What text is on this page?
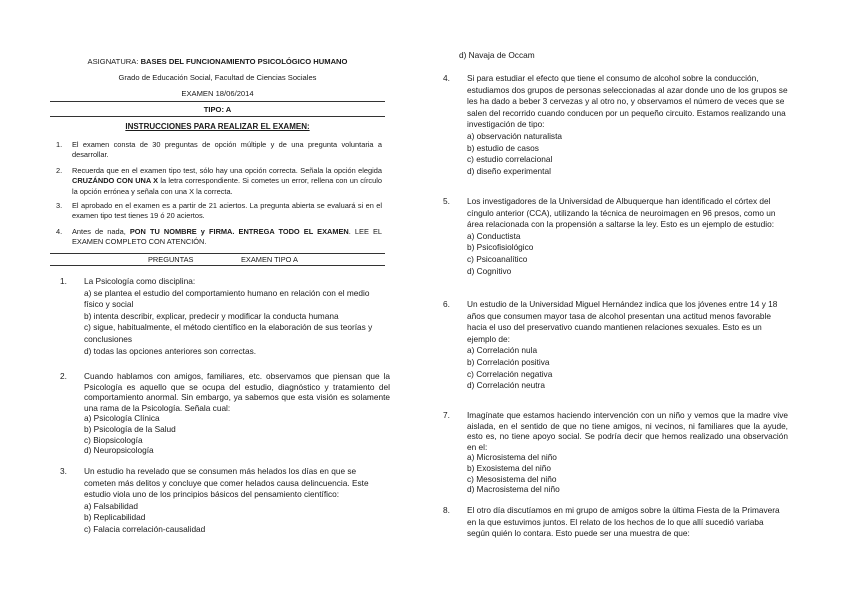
ASIGNATURA: BASES DEL FUNCIONAMIENTO PSICOLÓGICO HUMANO
Grado de Educación Social, Facultad de Ciencias Sociales
EXAMEN 18/06/2014
TIPO: A
INSTRUCCIONES PARA REALIZAR EL EXAMEN:
1. El examen consta de 30 preguntas de opción múltiple y de una pregunta voluntaria a desarrollar.
2. Recuerda que en el examen tipo test, sólo hay una opción correcta. Señala la opción elegida CRUZÁNDO CON UNA X la letra correspondiente. Si cometes un error, rellena con un círculo la opción errónea y señala con una X la correcta.
3. El aprobado en el examen es a partir de 21 aciertos. La pregunta abierta se evaluará si en el examen tipo test tienes 19 ó 20 aciertos.
4. Antes de nada, PON TU NOMBRE y FIRMA. ENTREGA TODO EL EXAMEN. LEE EL EXAMEN COMPLETO CON ATENCIÓN.
PREGUNTAS	EXAMEN TIPO A
1. La Psicología como disciplina:
a) se plantea el estudio del comportamiento humano en relación con el medio físico y social
b) intenta describir, explicar, predecir y modificar la conducta humana
c) sigue, habitualmente, el método científico en la elaboración de sus teorías y conclusiones
d) todas las opciones anteriores son correctas.
2. Cuando hablamos con amigos, familiares, etc. observamos que piensan que la Psicología es aquello que se ocupa del estudio, diagnóstico y tratamiento del comportamiento anormal. Sin embargo, ya sabemos que esta visión es solamente una rama de la Psicología. Señala cual:
a) Psicología Clínica
b) Psicología de la Salud
c) Biopsicología
d) Neuropsicología
3. Un estudio ha revelado que se consumen más helados los días en que se cometen más delitos y concluye que comer helados causa delincuencia. Este estudio viola uno de los principios básicos del pensamiento científico:
a) Falsabilidad
b) Replicabilidad
c) Falacia correlación-causalidad
d) Navaja de Occam
4. Si para estudiar el efecto que tiene el consumo de alcohol sobre la conducción, estudiamos dos grupos de personas seleccionadas al azar donde uno de los grupos se les ha dado a beber 3 cervezas y al otro no, y observamos el número de veces que se salen del recorrido cuando conducen por un pequeño circuito. Estamos realizando una investigación de tipo:
a) observación naturalista
b) estudio de casos
c) estudio correlacional
d) diseño experimental
5. Los investigadores de la Universidad de Albuquerque han identificado el córtex del cíngulo anterior (CCA), utilizando la técnica de neuroimagen en 96 presos, como un área relacionada con la propensión a saltarse la ley. Esto es un ejemplo de estudio:
a) Conductista
b) Psicofisiológico
c) Psicoanalítico
d) Cognitivo
6. Un estudio de la Universidad Miguel Hernández indica que los jóvenes entre 14 y 18 años que consumen mayor tasa de alcohol presentan una actitud menos favorable hacia el uso del preservativo cuando mantienen relaciones sexuales. Esto es un ejemplo de:
a) Correlación nula
b) Correlación positiva
c) Correlación negativa
d) Correlación neutra
7. Imagínate que estamos haciendo intervención con un niño y vemos que la madre vive aislada, en el sentido de que no tiene amigos, ni vecinos, ni familiares que la ayude, esto es, no tiene apoyo social. Se podría decir que hemos realizado una observación en el:
a) Microsistema del niño
b) Exosistema del niño
c) Mesosistema del niño
d) Macrosistema del niño
8. El otro día discutíamos en mi grupo de amigos sobre la última Fiesta de la Primavera en la que estuvimos juntos. El relato de los hechos de lo que allí sucedió variaba según quién lo contara. Esto puede ser una muestra de que:
